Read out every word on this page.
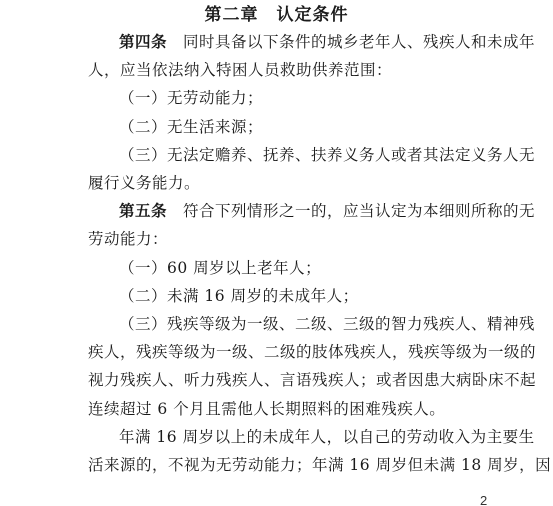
第二章　认定条件
第四条　同时具备以下条件的城乡老年人、残疾人和未成年
人，应当依法纳入特困人员救助供养范围：
（一）无劳动能力；
（二）无生活来源；
（三）无法定赡养、抚养、扶养义务人或者其法定义务人无
履行义务能力。
第五条　符合下列情形之一的，应当认定为本细则所称的无
劳动能力：
（一）60 周岁以上老年人；
（二）未满 16 周岁的未成年人；
（三）残疾等级为一级、二级、三级的智力残疾人、精神残
疾人，残疾等级为一级、二级的肢体残疾人，残疾等级为一级的
视力残疾人、听力残疾人、言语残疾人；或者因患大病卧床不起
连续超过 6 个月且需他人长期照料的困难残疾人。
2
年满 16 周岁以上的未成年人，以自己的劳动收入为主要生
活来源的，不视为无劳动能力；年满 16 周岁但未满 18 周岁，因
